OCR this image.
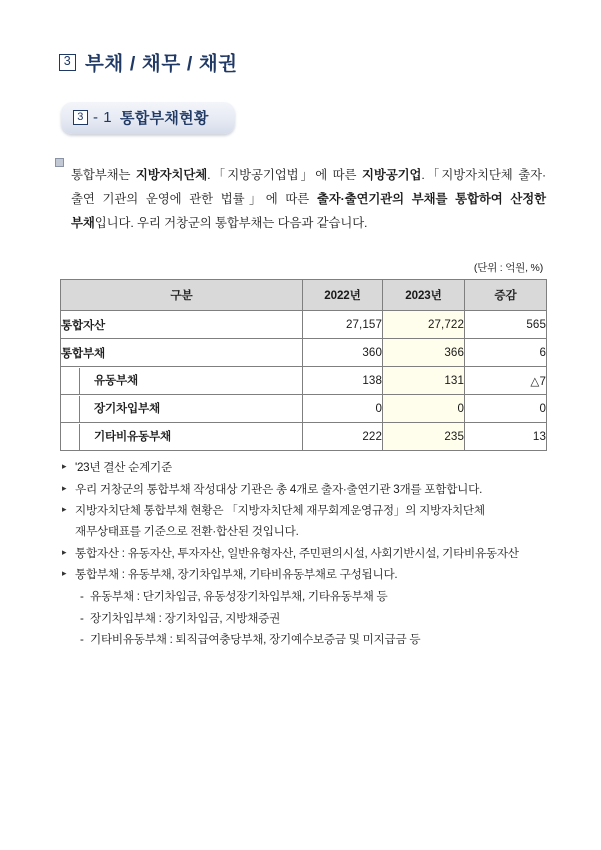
3 부채 / 채무 / 채권
3 - 1 통합부채현황

통합부채는 지방자치단체.「지방공기업법」에 따른 지방공기업.「지방자치단체 출자·출연 기관의 운영에 관한 법률」에 따른 출자·출연기관의 부채를 통합하여 산정한 부채입니다. 우리 거창군의 통합부채는 다음과 같습니다.

(단위 : 억원, %)
구분	2022년	2023년	증감
통합자산	27,157	27,722	565
통합부채	360	366	6

유동부채	138	131	△7

장기차입부채	0	0	0

기타비유동부채	222	235	13
▸ '23년 결산 순계기준
▸ 우리 거창군의 통합부채 작성대상 기관은 총 4개로 출자·출연기관 3개를 포함합니다.
▸ 지방자치단체 통합부채 현황은 「지방자치단체 재무회계운영규정」의 지방자치단체 재무상태표를 기준으로 전환·합산된 것입니다.
▸ 통합자산 : 유동자산, 투자자산, 일반유형자산, 주민편의시설, 사회기반시설, 기타비유동자산
▸ 통합부채 : 유동부채, 장기차입부채, 기타비유동부채로 구성됩니다.
- 유동부채 : 단기차입금, 유동성장기차입부채, 기타유동부채 등
- 장기차입부채 : 장기차입금, 지방채증권
- 기타비유동부채 : 퇴직급여충당부채, 장기예수보증금 및 미지급금 등
